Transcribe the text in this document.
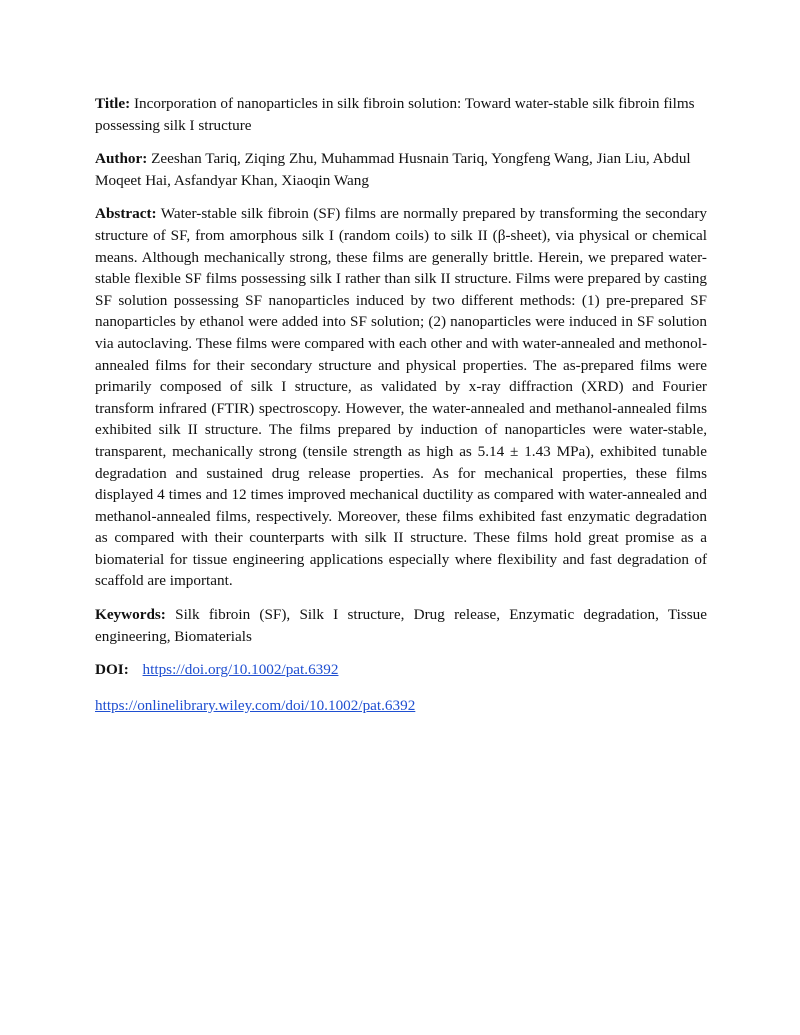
Title: Incorporation of nanoparticles in silk fibroin solution: Toward water-stable silk fibroin films possessing silk I structure

Author: Zeeshan Tariq, Ziqing Zhu, Muhammad Husnain Tariq, Yongfeng Wang, Jian Liu, Abdul Moqeet Hai, Asfandyar Khan, Xiaoqin Wang

Abstract: Water-stable silk fibroin (SF) films are normally prepared by transforming the secondary structure of SF, from amorphous silk I (random coils) to silk II (β-sheet), via physical or chemical means. Although mechanically strong, these films are generally brittle. Herein, we prepared water-stable flexible SF films possessing silk I rather than silk II structure. Films were prepared by casting SF solution possessing SF nanoparticles induced by two different methods: (1) pre-prepared SF nanoparticles by ethanol were added into SF solution; (2) nanoparticles were induced in SF solution via autoclaving. These films were compared with each other and with water-annealed and methonol-annealed films for their secondary structure and physical properties. The as-prepared films were primarily composed of silk I structure, as validated by x-ray diffraction (XRD) and Fourier transform infrared (FTIR) spectroscopy. However, the water-annealed and methanol-annealed films exhibited silk II structure. The films prepared by induction of nanoparticles were water-stable, transparent, mechanically strong (tensile strength as high as 5.14 ± 1.43 MPa), exhibited tunable degradation and sustained drug release properties. As for mechanical properties, these films displayed 4 times and 12 times improved mechanical ductility as compared with water-annealed and methanol-annealed films, respectively. Moreover, these films exhibited fast enzymatic degradation as compared with their counterparts with silk II structure. These films hold great promise as a biomaterial for tissue engineering applications especially where flexibility and fast degradation of scaffold are important.

Keywords: Silk fibroin (SF), Silk I structure, Drug release, Enzymatic degradation, Tissue engineering, Biomaterials

DOI: https://doi.org/10.1002/pat.6392

https://onlinelibrary.wiley.com/doi/10.1002/pat.6392
